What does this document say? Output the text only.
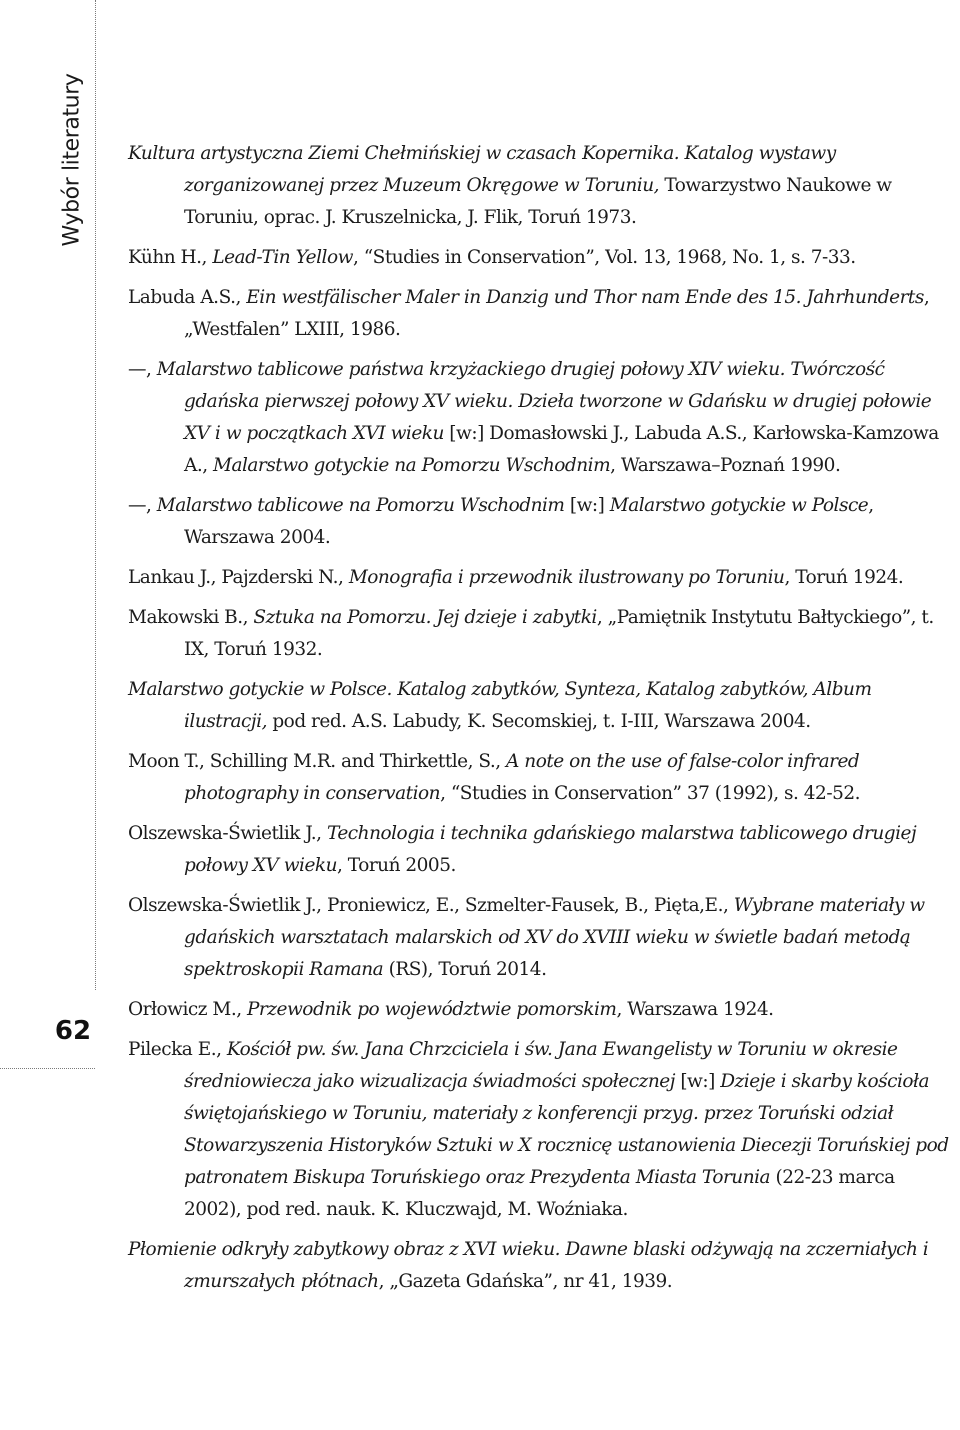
Wybór literatury
62

Kultura artystyczna Ziemi Chełmińskiej w czasach Kopernika. Katalog wystawy zorganizowanej przez Muzeum Okręgowe w Toruniu, Towarzystwo Naukowe w Toruniu, oprac. J. Kruszelnicka, J. Flik, Toruń 1973.

Kühn H., Lead-Tin Yellow, “Studies in Conservation”, Vol. 13, 1968, No. 1, s. 7-33.

Labuda A.S., Ein westfälischer Maler in Danzig und Thor nam Ende des 15. Jahrhunderts, „Westfalen” LXIII, 1986.

—, Malarstwo tablicowe państwa krzyżackiego drugiej połowy XIV wieku. Twórczość gdańska pierwszej połowy XV wieku. Dzieła tworzone w Gdańsku w drugiej połowie XV i w początkach XVI wieku [w:] Domasłowski J., Labuda A.S., Karłowska-Kamzowa A., Malarstwo gotyckie na Pomorzu Wschodnim, Warszawa–Poznań 1990.

—, Malarstwo tablicowe na Pomorzu Wschodnim [w:] Malarstwo gotyckie w Polsce, Warszawa 2004.

Lankau J., Pajzderski N., Monografia i przewodnik ilustrowany po Toruniu, Toruń 1924.

Makowski B., Sztuka na Pomorzu. Jej dzieje i zabytki, „Pamiętnik Instytutu Bałtyckiego”, t. IX, Toruń 1932.

Malarstwo gotyckie w Polsce. Katalog zabytków, Synteza, Katalog zabytków, Album ilustracji, pod red. A.S. Labudy, K. Secomskiej, t. I-III, Warszawa 2004.

Moon T., Schilling M.R. and Thirkettle, S., A note on the use of false-color infrared photography in conservation, “Studies in Conservation” 37 (1992), s. 42-52.

Olszewska-Świetlik J., Technologia i technika gdańskiego malarstwa tablicowego drugiej połowy XV wieku, Toruń 2005.

Olszewska-Świetlik J., Proniewicz, E., Szmelter-Fausek, B., Pięta,E., Wybrane materiały w gdańskich warsztatach malarskich od XV do XVIII wieku w świetle badań metodą spektroskopii Ramana (RS), Toruń 2014.

Orłowicz M., Przewodnik po województwie pomorskim, Warszawa 1924.

Pilecka E., Kościół pw. św. Jana Chrzciciela i św. Jana Ewangelisty w Toruniu w okresie średniowiecza jako wizualizacja świadmości społecznej [w:] Dzieje i skarby kościoła świętojańskiego w Toruniu, materiały z konferencji przyg. przez Toruński odział Stowarzyszenia Historyków Sztuki w X rocznicę ustanowienia Diecezji Toruńskiej pod patronatem Biskupa Toruńskiego oraz Prezydenta Miasta Torunia (22-23 marca 2002), pod red. nauk. K. Kluczwajd, M. Woźniaka.

Płomienie odkryły zabytkowy obraz z XVI wieku. Dawne blaski odżywają na zczerniałych i zmurszałych płótnach, „Gazeta Gdańska”, nr 41, 1939.
